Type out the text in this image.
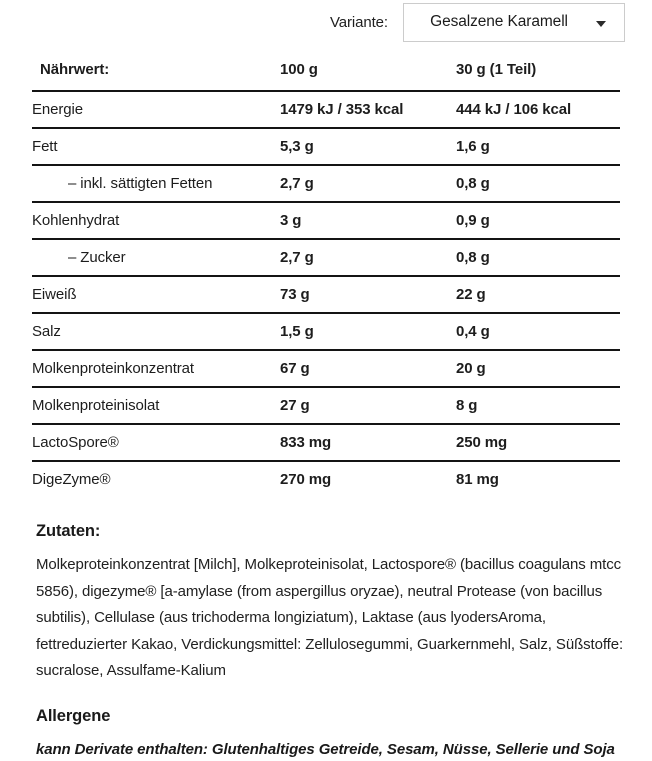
Variante:	Gesalzene Karamell
Nährwert:	100 g	30 g (1 Teil)
Energie	1479 kJ / 353 kcal	444 kJ / 106 kcal
Fett	5,3 g	1,6 g
– inkl. sättigten Fetten	2,7 g	0,8 g
Kohlenhydrat	3 g	0,9 g
– Zucker	2,7 g	0,8 g
Eiweiß	73 g	22 g
Salz	1,5 g	0,4 g
Molkenproteinkonzentrat	67 g	20 g
Molkenproteinisolat	27 g	8 g
LactoSpore®	833 mg	250 mg
DigeZyme®	270 mg	81 mg
Zutaten:

Molkeproteinkonzentrat [Milch], Molkeproteinisolat, Lactospore® (bacillus coagulans mtcc 5856), digezyme® [a-amylase (from aspergillus oryzae), neutral Protease (von bacillus subtilis), Cellulase (aus trichoderma longiziatum), Laktase (aus lyodersAroma, fettreduzierter Kakao, Verdickungsmittel: Zellulosegummi, Guarkernmehl, Salz, Süßstoffe: sucralose, Assulfame-Kalium

Allergene

kann Derivate enthalten: Glutenhaltiges Getreide, Sesam, Nüsse, Sellerie und Soja
